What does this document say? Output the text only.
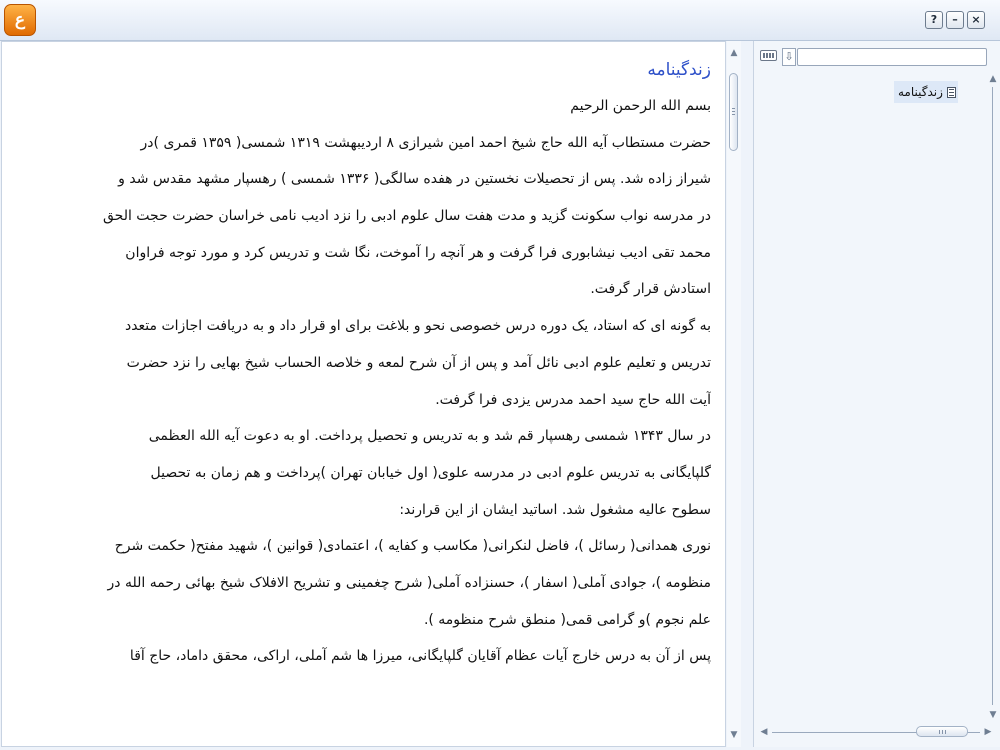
ع	?	–	×
زندگینامه
بسم الله الرحمن الرحیم
حضرت مستطاب آیه الله حاج شیخ احمد امین شیرازی ۸ اردیبهشت ۱۳۱۹ شمسی( ۱۳۵۹ قمری )در
شیراز زاده شد. پس از تحصیلات نخستین در هفده سالگی( ۱۳۳۶ شمسی ) رهسپار مشهد مقدس شد و
در مدرسه نواب سکونت گزید و مدت هفت سال علوم ادبی را نزد ادیب نامی خراسان حضرت حجت الحق
محمد تقی ادیب نیشابوری فرا گرفت و هر آنچه را آموخت، نگا شت و تدریس کرد و مورد توجه فراوان
استادش قرار گرفت.
به گونه ای که استاد، یک دوره درس خصوصی نحو و بلاغت برای او قرار داد و به دریافت اجازات متعدد
تدریس و تعلیم علوم ادبی نائل آمد و پس از آن شرح لمعه و خلاصه الحساب شیخ بهایی را نزد حضرت
آیت الله حاج سید احمد مدرس یزدی فرا گرفت.
در سال ۱۳۴۳ شمسی رهسپار قم شد و به تدریس و تحصیل پرداخت. او به دعوت آیه الله العظمی
گلپایگانی به تدریس علوم ادبی در مدرسه علوی( اول خیابان تهران )پرداخت و هم زمان به تحصیل
سطوح عالیه مشغول شد. اساتید ایشان از این قرارند:
نوری همدانی( رسائل )، فاضل لنکرانی( مکاسب و کفایه )، اعتمادی( قوانین )، شهید مفتح( حکمت شرح
منظومه )، جوادی آملی( اسفار )، حسنزاده آملی( شرح چغمینی و تشریح الافلاک شیخ بهائی رحمه الله در
علم نجوم )و گرامی قمی( منطق شرح منظومه ).
پس از آن به درس خارج آیات عظام آقایان گلپایگانی، میرزا ها شم آملی، اراکی، محقق داماد، حاج آقا
▲
▼
⇩
زندگینامه
▲
▼
◀	▶
